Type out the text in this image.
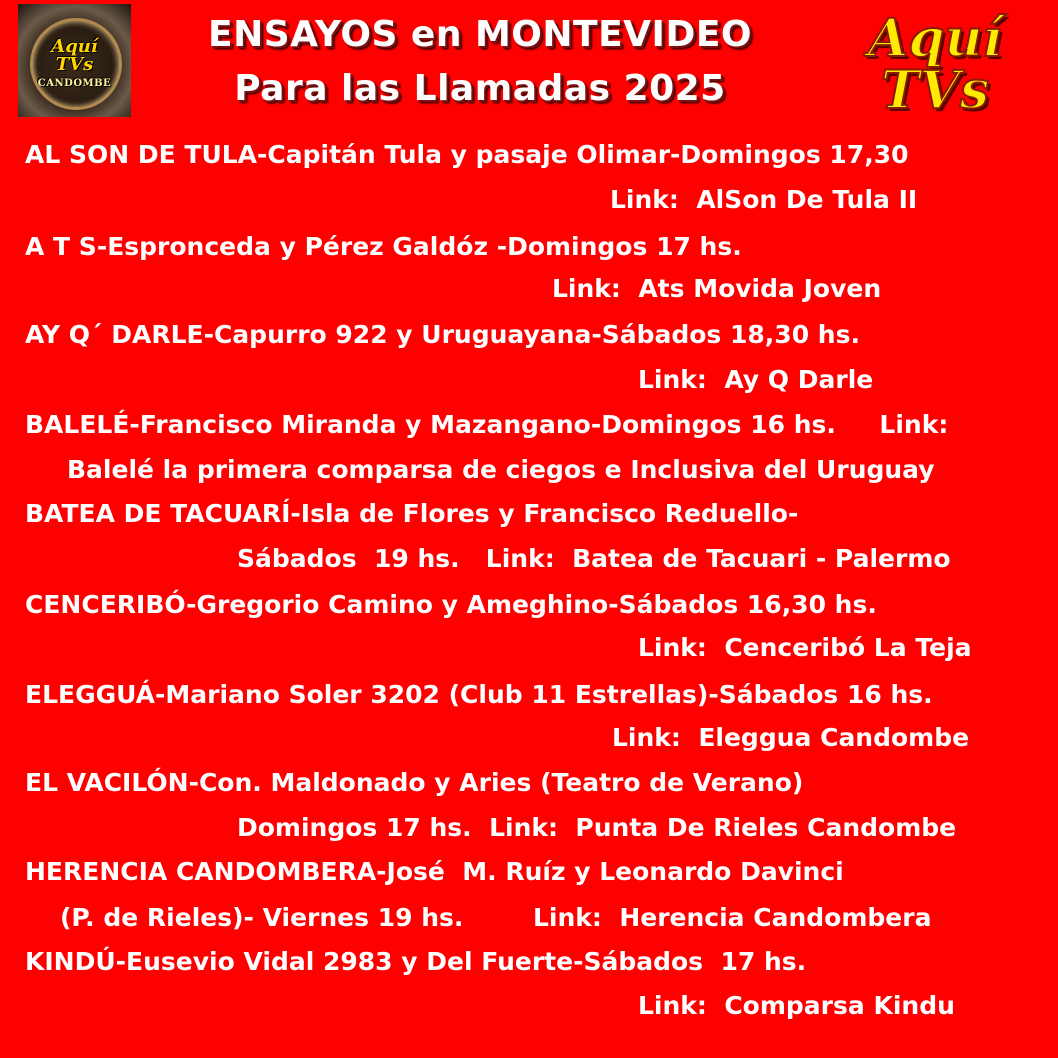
Aquí
TVs
CANDOMBE
ENSAYOS en MONTEVIDEO
Para las Llamadas 2025
Aquí
TVs
AL SON DE TULA-Capitán Tula y pasaje Olimar-Domingos 17,30
Link:  AlSon De Tula II
A T S-Espronceda y Pérez Galdóz -Domingos 17 hs.
Link:  Ats Movida Joven
AY Q´ DARLE-Capurro 922 y Uruguayana-Sábados 18,30 hs.
Link:  Ay Q Darle
BALELÉ-Francisco Miranda y Mazangano-Domingos 16 hs.     Link:
Balelé la primera comparsa de ciegos e Inclusiva del Uruguay
BATEA DE TACUARÍ-Isla de Flores y Francisco Reduello-
Sábados  19 hs.   Link:  Batea de Tacuari - Palermo
CENCERIBÓ-Gregorio Camino y Ameghino-Sábados 16,30 hs.
Link:  Cenceribó La Teja
ELEGGUÁ-Mariano Soler 3202 (Club 11 Estrellas)-Sábados 16 hs.
Link:  Eleggua Candombe
EL VACILÓN-Con. Maldonado y Aries (Teatro de Verano)
Domingos 17 hs.  Link:  Punta De Rieles Candombe
HERENCIA CANDOMBERA-José  M. Ruíz y Leonardo Davinci
(P. de Rieles)- Viernes 19 hs.        Link:  Herencia Candombera
KINDÚ-Eusevio Vidal 2983 y Del Fuerte-Sábados  17 hs.
Link:  Comparsa Kindu
